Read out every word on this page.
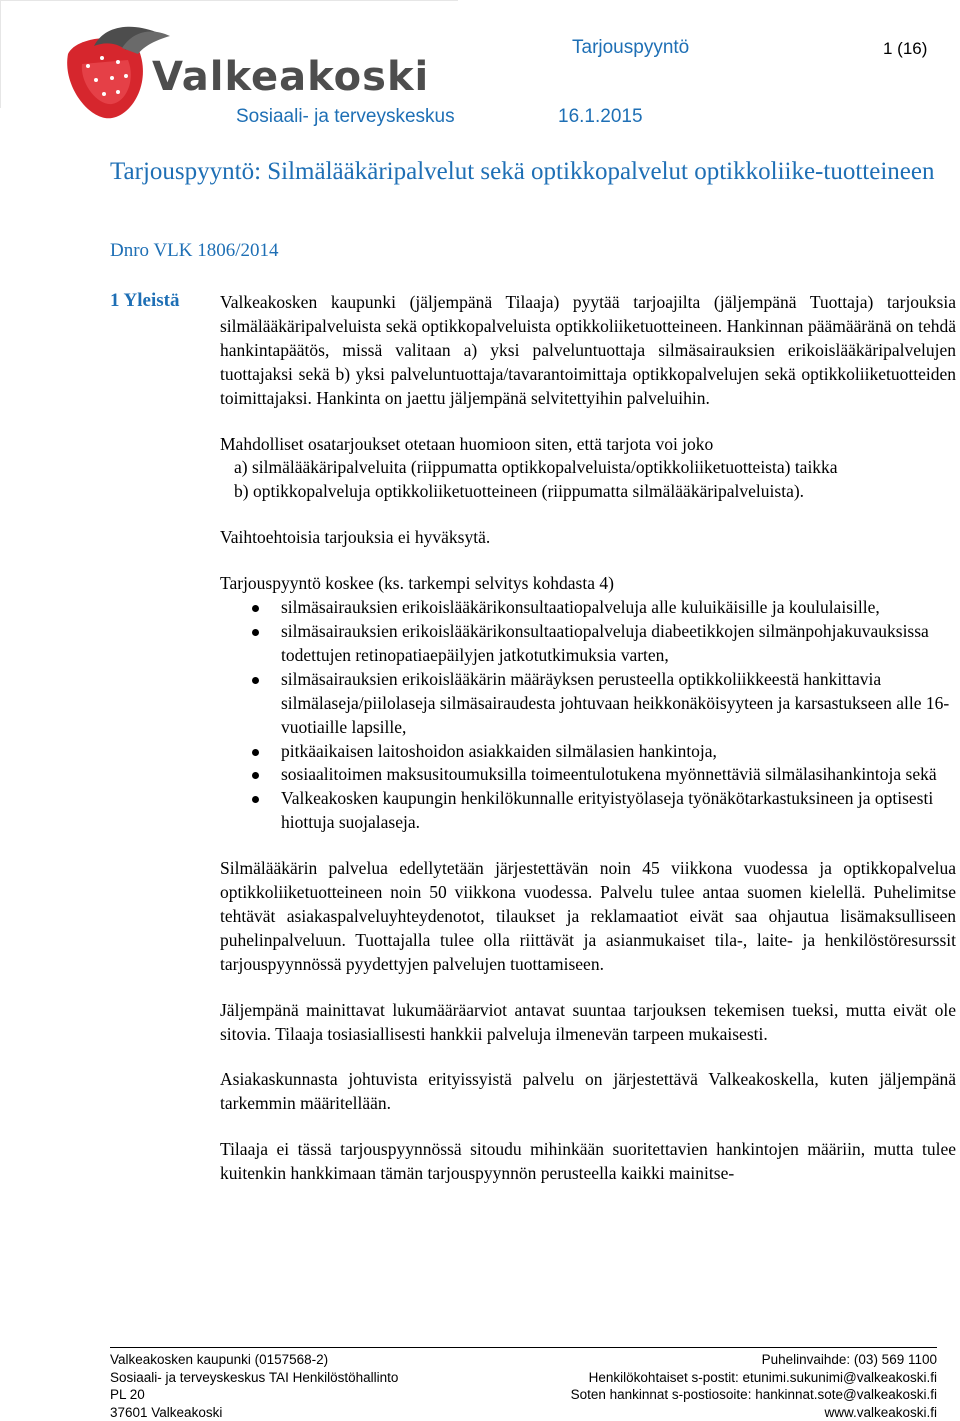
Valkeakoski
Tarjouspyyntö	1 (16)
Sosiaali- ja terveyskeskus	16.1.2015
Tarjouspyyntö: Silmälääkäripalvelut sekä optikkopalvelut optikkoliike-tuotteineen
Dnro VLK 1806/2014
1 Yleistä Valkeakosken kaupunki (jäljempänä Tilaaja) pyytää tarjoajilta (jäljempänä Tuottaja) tarjouksia silmälääkäripalveluista sekä optikkopalveluista optikkoliiketuotteineen. Hankinnan päämääränä on tehdä hankintapäätös, missä valitaan a) yksi palveluntuottaja silmäsairauksien erikoislääkäripalvelujen tuottajaksi sekä b) yksi palveluntuottaja/tavarantoimittaja optikkopalvelujen sekä optikkoliiketuotteiden toimittajaksi. Hankinta on jaettu jäljempänä selvitettyihin palveluihin.

Mahdolliset osatarjoukset otetaan huomioon siten, että tarjota voi joko

a) silmälääkäripalveluita (riippumatta optikkopalveluista/optikkoliiketuotteista) taikka

b) optikkopalveluja optikkoliiketuotteineen (riippumatta silmälääkäripalveluista).

Vaihtoehtoisia tarjouksia ei hyväksytä.

Tarjouspyyntö koskee (ks. tarkempi selvitys kohdasta 4)

silmäsairauksien erikoislääkärikonsultaatiopalveluja alle kuluikäisille ja koululaisille,
silmäsairauksien erikoislääkärikonsultaatiopalveluja diabeetikkojen silmänpohjakuvauksissa todettujen retinopatiaepäilyjen jatkotutkimuksia varten,
silmäsairauksien erikoislääkärin määräyksen perusteella optikkoliikkeestä hankittavia silmälaseja/piilolaseja silmäsairaudesta johtuvaan heikkonäköisyyteen ja karsastukseen alle 16-vuotiaille lapsille,
pitkäaikaisen laitoshoidon asiakkaiden silmälasien hankintoja,
sosiaalitoimen maksusitoumuksilla toimeentulotukena myönnettäviä silmälasihankintoja sekä
Valkeakosken kaupungin henkilökunnalle erityistyölaseja työnäkötarkastuksineen ja optisesti hiottuja suojalaseja.

Silmälääkärin palvelua edellytetään järjestettävän noin 45 viikkona vuodessa ja optikkopalvelua optikkoliiketuotteineen noin 50 viikkona vuodessa. Palvelu tulee antaa suomen kielellä. Puhelimitse tehtävät asiakaspalveluyhteydenotot, tilaukset ja reklamaatiot eivät saa ohjautua lisämaksulliseen puhelinpalveluun. Tuottajalla tulee olla riittävät ja asianmukaiset tila-, laite- ja henkilöstöresurssit tarjouspyynnössä pyydettyjen palvelujen tuottamiseen.

Jäljempänä mainittavat lukumääräarviot antavat suuntaa tarjouksen tekemisen tueksi, mutta eivät ole sitovia. Tilaaja tosiasiallisesti hankkii palveluja ilmenevän tarpeen mukaisesti.

Asiakaskunnasta johtuvista erityissyistä palvelu on järjestettävä Valkeakoskella, kuten jäljempänä tarkemmin määritellään.

Tilaaja ei tässä tarjouspyynnössä sitoudu mihinkään suoritettavien hankintojen määriin, mutta tulee kuitenkin hankkimaan tämän tarjouspyynnön perusteella kaikki mainitse-

Valkeakosken kaupunki (0157568-2)
Sosiaali- ja terveyskeskus TAI Henkilöstöhallinto
PL 20
37601 Valkeakoski
Puhelinvaihde: (03) 569 1100
Henkilökohtaiset s-postit: etunimi.sukunimi@valkeakoski.fi
Soten hankinnat s-postiosoite: hankinnat.sote@valkeakoski.fi
www.valkeakoski.fi
